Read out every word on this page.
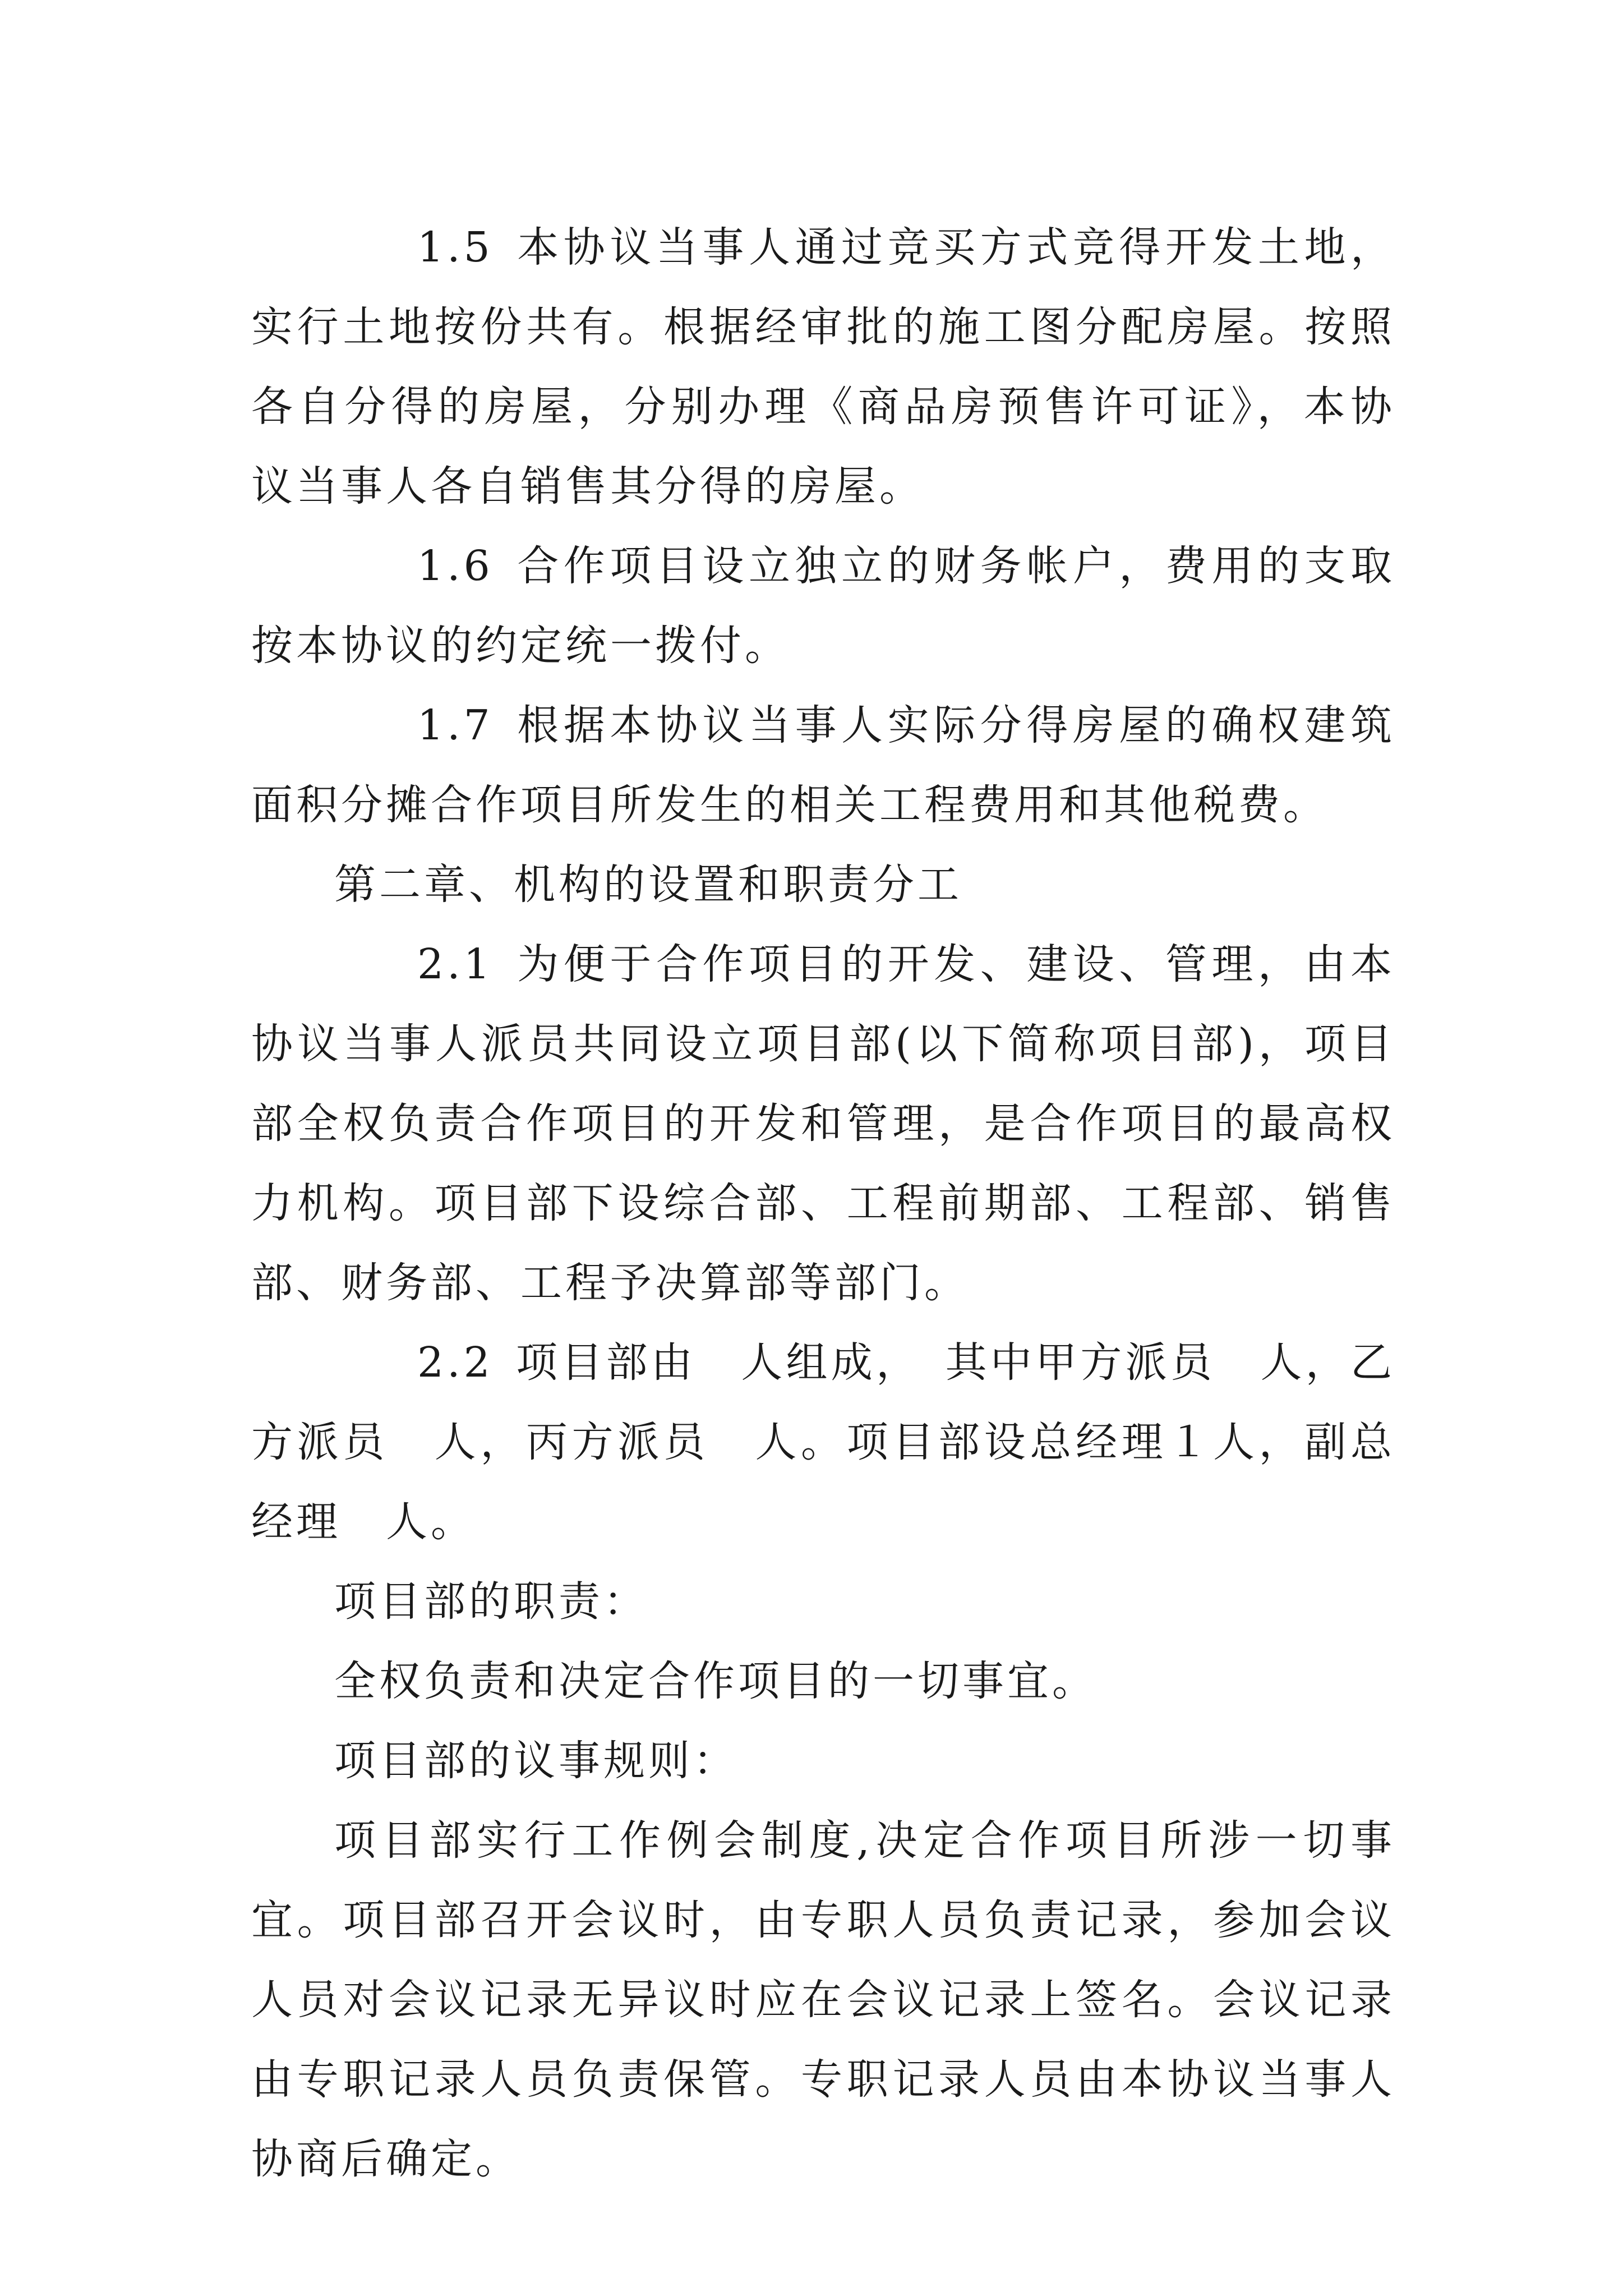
1.5 本协议当事人通过竞买方式竞得开发土地，实行土地按份共有。根据经审批的施工图分配房屋。按照各自分得的房屋，分别办理《商品房预售许可证》，本协议当事人各自销售其分得的房屋。

1.6 合作项目设立独立的财务帐户，费用的支取按本协议的约定统一拨付。

1.7 根据本协议当事人实际分得房屋的确权建筑面积分摊合作项目所发生的相关工程费用和其他税费。

第二章、机构的设置和职责分工

2.1 为便于合作项目的开发、建设、管理，由本协议当事人派员共同设立项目部(以下简称项目部)，项目部全权负责合作项目的开发和管理，是合作项目的最高权力机构。项目部下设综合部、工程前期部、工程部、销售部、财务部、工程予决算部等部门。

2.2 项目部由　人组成，　其中甲方派员　人，乙方派员　人，丙方派员　人。项目部设总经理１人，副总经理　人。

项目部的职责：

全权负责和决定合作项目的一切事宜。

项目部的议事规则：

项目部实行工作例会制度,决定合作项目所涉一切事宜。项目部召开会议时，由专职人员负责记录，参加会议人员对会议记录无异议时应在会议记录上签名。会议记录由专职记录人员负责保管。专职记录人员由本协议当事人协商后确定。
